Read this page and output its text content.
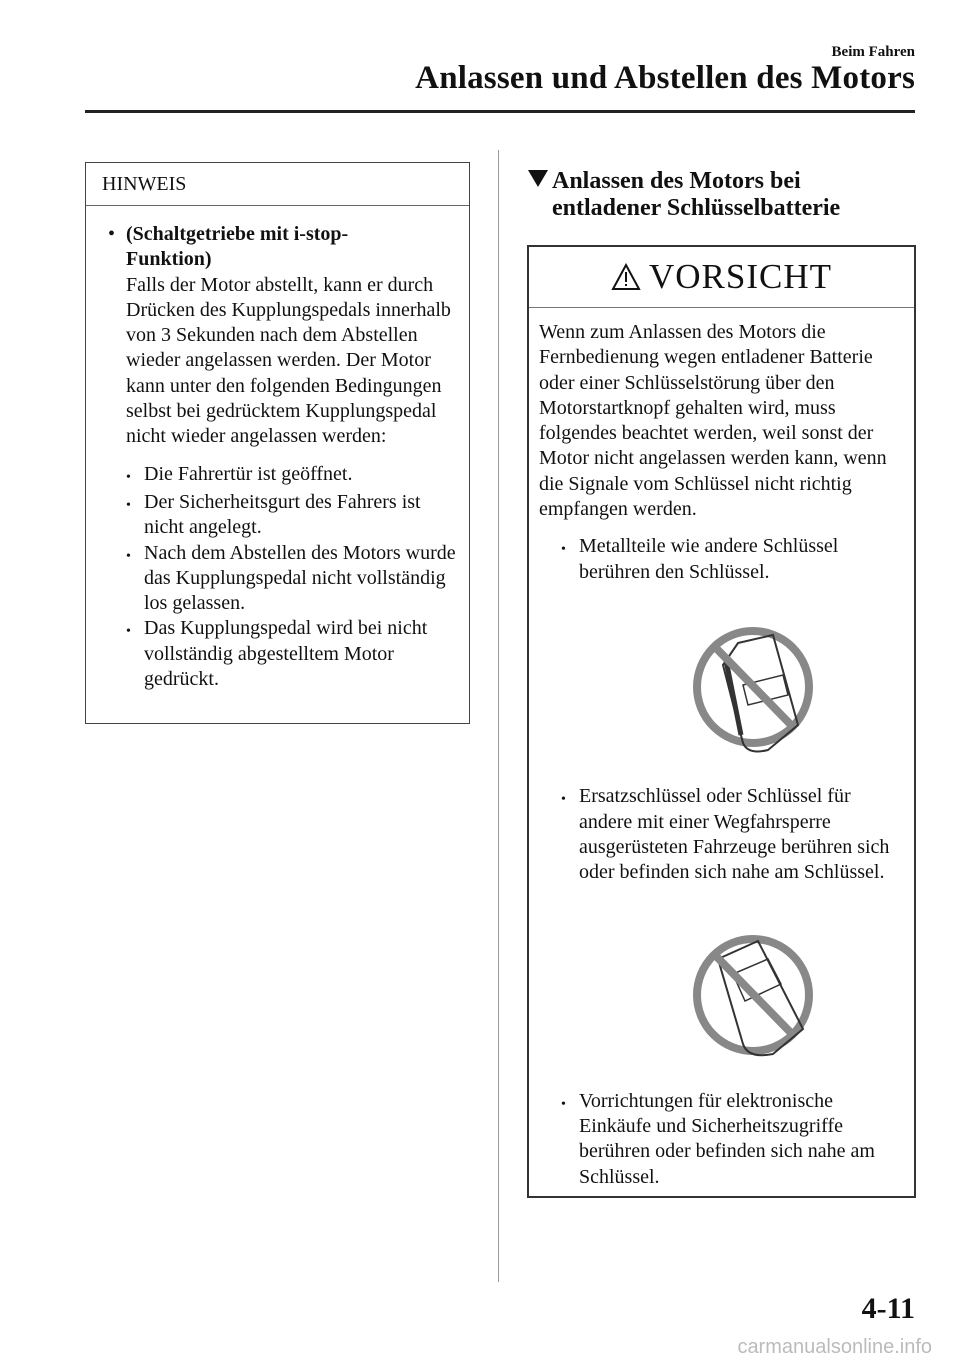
Beim Fahren
Anlassen und Abstellen des Motors
HINWEIS
• (Schaltgetriebe mit i-stop-
Funktion)
Falls der Motor abstellt, kann er durch Drücken des Kupplungspedals innerhalb von 3 Sekunden nach dem Abstellen wieder angelassen werden. Der Motor kann unter den folgenden Bedingungen selbst bei gedrücktem Kupplungspedal nicht wieder angelassen werden:
• Die Fahrertür ist geöffnet.
• Der Sicherheitsgurt des Fahrers ist nicht angelegt.
• Nach dem Abstellen des Motors wurde das Kupplungspedal nicht vollständig los gelassen.
• Das Kupplungspedal wird bei nicht vollständig abgestelltem Motor gedrückt.
Anlassen des Motors bei
entladener Schlüsselbatterie
VORSICHT
Wenn zum Anlassen des Motors die Fernbedienung wegen entladener Batterie oder einer Schlüsselstörung über den Motorstartknopf gehalten wird, muss folgendes beachtet werden, weil sonst der Motor nicht angelassen werden kann, wenn die Signale vom Schlüssel nicht richtig empfangen werden.
• Metallteile wie andere Schlüssel berühren den Schlüssel.
• Ersatzschlüssel oder Schlüssel für andere mit einer Wegfahrsperre ausgerüsteten Fahrzeuge berühren sich oder befinden sich nahe am Schlüssel.
• Vorrichtungen für elektronische Einkäufe und Sicherheitszugriffe berühren oder befinden sich nahe am Schlüssel.
4-11
carmanualsonline.info
